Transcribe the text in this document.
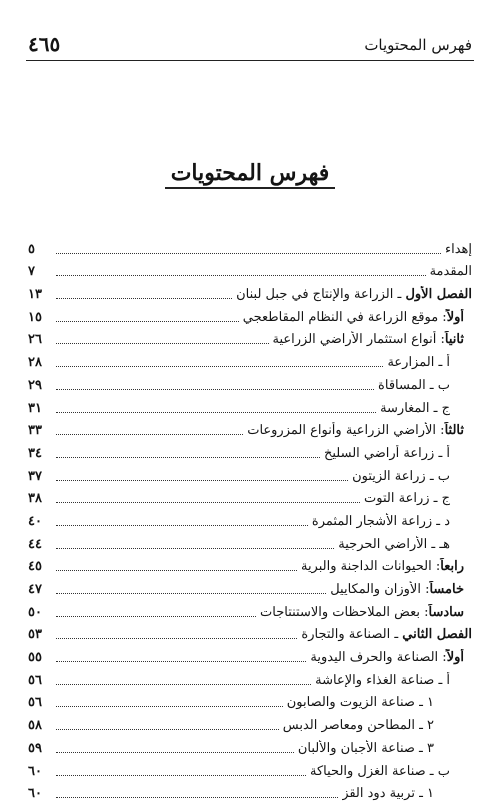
فهرس المحتويات
٤٦٥
فهرس المحتويات
إهداء
٥
المقدمة
٧
الفصل الأول ـ الزراعة والإنتاج في جبل لبنان
١٣
أولاً: موقع الزراعة في النظام المقاطعجي
١٥
ثانياً: أنواع استثمار الأراضي الزراعية
٢٦
أ ـ المزارعة
٢٨
ب ـ المساقاة
٢٩
ج ـ المغارسة
٣١
ثالثاً: الأراضي الزراعية وأنواع المزروعات
٣٣
أ ـ زراعة أراضي السليخ
٣٤
ب ـ زراعة الزيتون
٣٧
ج ـ زراعة التوت
٣٨
د ـ زراعة الأشجار المثمرة
٤٠
هـ ـ الأراضي الحرجية
٤٤
رابعاً: الحيوانات الداجنة والبرية
٤٥
خامساً: الأوزان والمكاييل
٤٧
سادساً: بعض الملاحظات والاستنتاجات
٥٠
الفصل الثاني ـ الصناعة والتجارة
٥٣
أولاً: الصناعة والحرف اليدوية
٥٥
أ ـ صناعة الغذاء والإعاشة
٥٦
١ ـ صناعة الزيوت والصابون
٥٦
٢ ـ المطاحن ومعاصر الدبس
٥٨
٣ ـ صناعة الأجبان والألبان
٥٩
ب ـ صناعة الغزل والحياكة
٦٠
١ ـ تربية دود القز
٦٠
